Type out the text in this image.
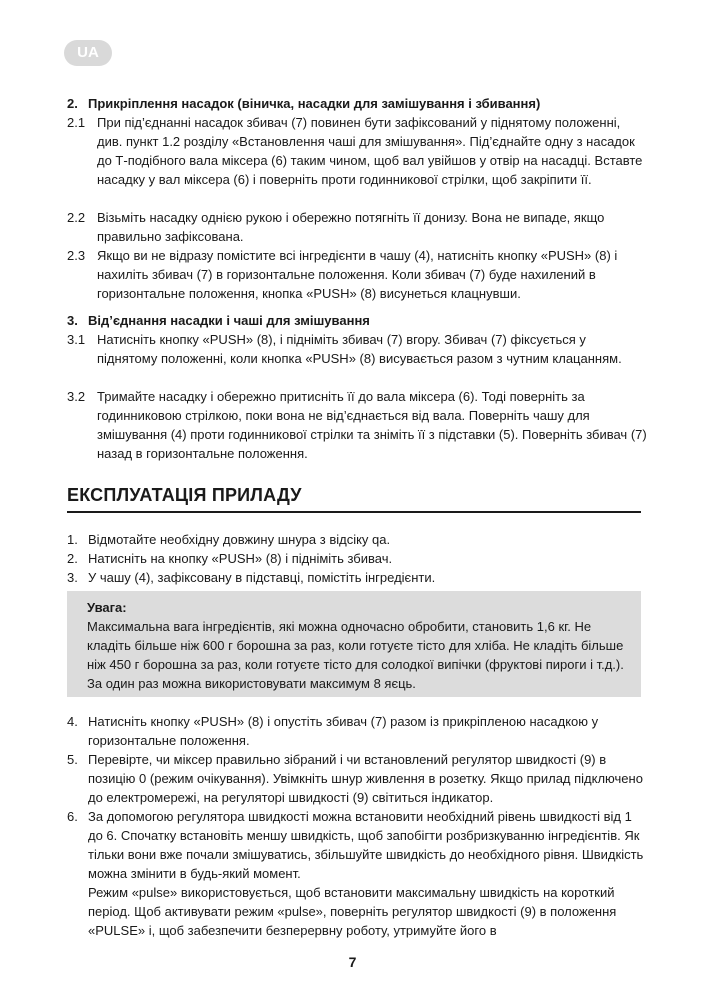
UA
2. Прикріплення насадок (віничка, насадки для замішування і збивання)
2.1 При під’єднанні насадок збивач (7) повинен бути зафіксований у піднятому положенні, див. пункт 1.2 розділу «Встановлення чаші для змішування». Під’єднайте одну з насадок до Т-подібного вала міксера (6) таким чином, щоб вал увійшов у отвір на насадці. Вставте насадку у вал міксера (6) і поверніть проти годинникової стрілки, щоб закріпити її.
2.2 Візьміть насадку однією рукою і обережно потягніть її донизу. Вона не випаде, якщо правильно зафіксована.
2.3 Якщо ви не відразу помістите всі інгредієнти в чашу (4), натисніть кнопку «PUSH» (8) і нахиліть збивач (7) в горизонтальне положення. Коли збивач (7) буде нахилений в горизонтальне положення, кнопка «PUSH» (8) висунеться клацнувши.
3. Від’єднання насадки і чаші для змішування
3.1 Натисніть кнопку «PUSH» (8), і підніміть збивач (7) вгору. Збивач (7) фіксується у піднятому положенні, коли кнопка «PUSH» (8) висувається разом з чутним клацанням.
3.2 Тримайте насадку і обережно притисніть її до вала міксера (6). Тоді поверніть за годинниковою стрілкою, поки вона не від’єднається від вала. Поверніть чашу для змішування (4) проти годинникової стрілки та зніміть її з підставки (5). Поверніть збивач (7) назад в горизонтальне положення.
ЕКСПЛУАТАЦІЯ ПРИЛАДУ
1. Відмотайте необхідну довжину шнура з відсіку qа.
2. Натисніть на кнопку «PUSH» (8) і підніміть збивач.
3. У чашу (4), зафіксовану в підставці, помістіть інгредієнти.
Увага:
Максимальна вага інгредієнтів, які можна одночасно обробити, становить 1,6 кг. Не кладіть більше ніж 600 г борошна за раз, коли готуєте тісто для хліба. Не кладіть більше ніж 450 г борошна за раз, коли готуєте тісто для солодкої випічки (фруктові пироги і т.д.). За один раз можна використовувати максимум 8 яєць.
4. Натисніть кнопку «PUSH» (8) і опустіть збивач (7) разом із прикріпленою насадкою у горизонтальне положення.
5. Перевірте, чи міксер правильно зібраний і чи встановлений регулятор швидкості (9) в позицію 0 (режим очікування). Увімкніть шнур живлення в розетку. Якщо прилад підключено до електромережі, на регуляторі швидкості (9) світиться індикатор.
6. За допомогою регулятора швидкості можна встановити необхідний рівень швидкості від 1 до 6. Спочатку встановіть меншу швидкість, щоб запобігти розбризкуванню інгредієнтів. Як тільки вони вже почали змішуватись, збільшуйте швидкість до необхідного рівня. Швидкість можна змінити в будь-який момент.
Режим «pulse» використовується, щоб встановити максимальну швидкість на короткий період. Щоб активувати режим «pulse», поверніть регулятор швидкості (9) в положення «PULSE» і, щоб забезпечити безперервну роботу, утримуйте його в
7
